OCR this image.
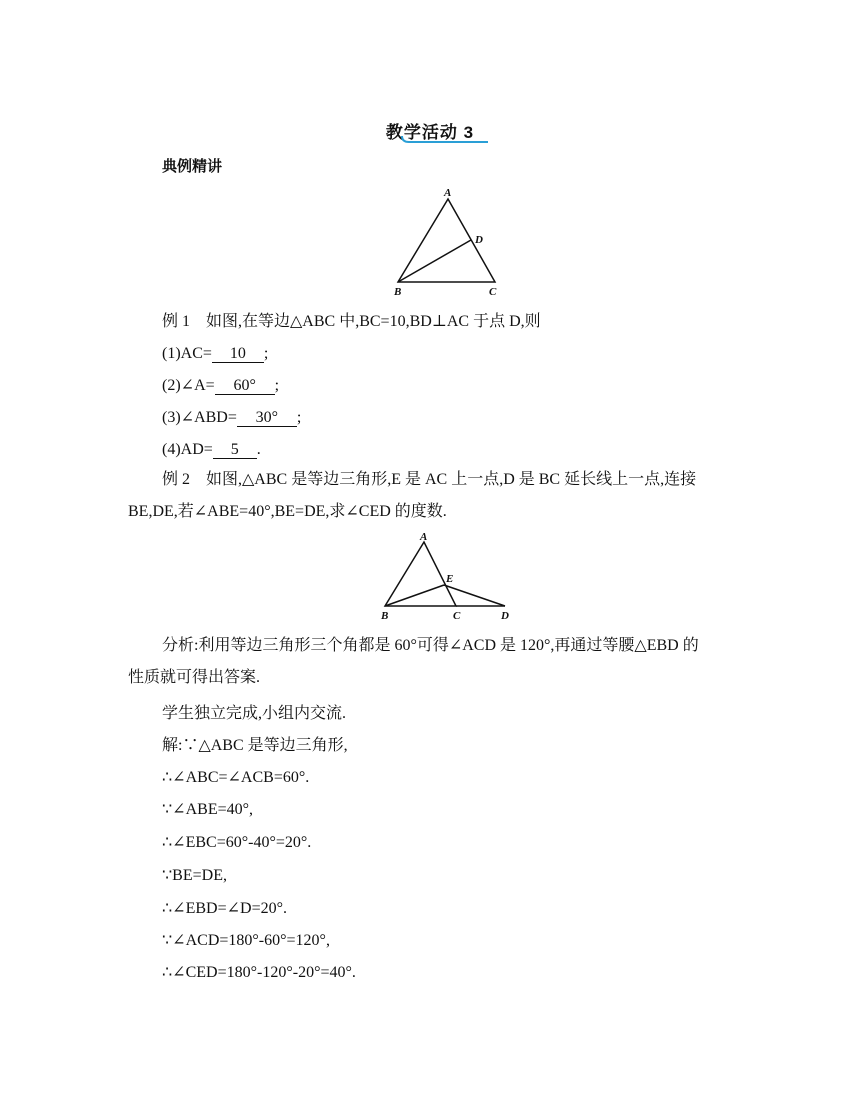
教学活动 3
典例精讲
A
B	C
D
例 1　如图,在等边△ABC 中,BC=10,BD⊥AC 于点 D,则
(1)AC= 10 ;
(2)∠A= 60° ;
(3)∠ABD= 30° ;
(4)AD= 5 .
例 2　如图,△ABC 是等边三角形,E 是 AC 上一点,D 是 BC 延长线上一点,连接
BE,DE,若∠ABE=40°,BE=DE,求∠CED 的度数.
A
B	C	D
E
分析:利用等边三角形三个角都是 60°可得∠ACD 是 120°,再通过等腰△EBD 的
性质就可得出答案.
学生独立完成,小组内交流.
解:∵△ABC 是等边三角形,
∴∠ABC=∠ACB=60°.
∵∠ABE=40°,
∴∠EBC=60°-40°=20°.
∵BE=DE,
∴∠EBD=∠D=20°.
∵∠ACD=180°-60°=120°,
∴∠CED=180°-120°-20°=40°.
